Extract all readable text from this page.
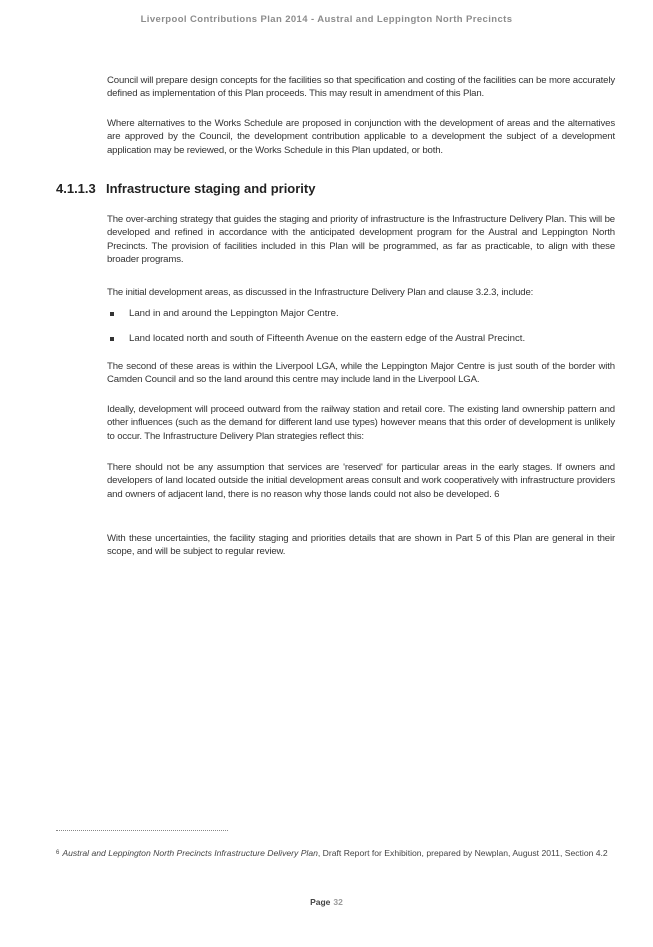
Liverpool Contributions Plan 2014 - Austral and Leppington North Precincts

Council will prepare design concepts for the facilities so that specification and costing of the facilities can be more accurately defined as implementation of this Plan proceeds. This may result in amendment of this Plan.

Where alternatives to the Works Schedule are proposed in conjunction with the development of areas and the alternatives are approved by the Council, the development contribution applicable to a development the subject of a development application may be reviewed, or the Works Schedule in this Plan updated, or both.

4.1.1.3 Infrastructure staging and priority

The over-arching strategy that guides the staging and priority of infrastructure is the Infrastructure Delivery Plan. This will be developed and refined in accordance with the anticipated development program for the Austral and Leppington North Precincts. The provision of facilities included in this Plan will be programmed, as far as practicable, to align with these broader programs.

The initial development areas, as discussed in the Infrastructure Delivery Plan and clause 3.2.3, include:

Land in and around the Leppington Major Centre.
Land located north and south of Fifteenth Avenue on the eastern edge of the Austral Precinct.

The second of these areas is within the Liverpool LGA, while the Leppington Major Centre is just south of the border with Camden Council and so the land around this centre may include land in the Liverpool LGA.

Ideally, development will proceed outward from the railway station and retail core. The existing land ownership pattern and other influences (such as the demand for different land use types) however means that this order of development is unlikely to occur. The Infrastructure Delivery Plan strategies reflect this:

There should not be any assumption that services are 'reserved' for particular areas in the early stages. If owners and developers of land located outside the initial development areas consult and work cooperatively with infrastructure providers and owners of adjacent land, there is no reason why those lands could not also be developed. 6

With these uncertainties, the facility staging and priorities details that are shown in Part 5 of this Plan are general in their scope, and will be subject to regular review.

$^6$ Austral and Leppington North Precincts Infrastructure Delivery Plan, Draft Report for Exhibition, prepared by Newplan, August 2011, Section 4.2
Page 32
